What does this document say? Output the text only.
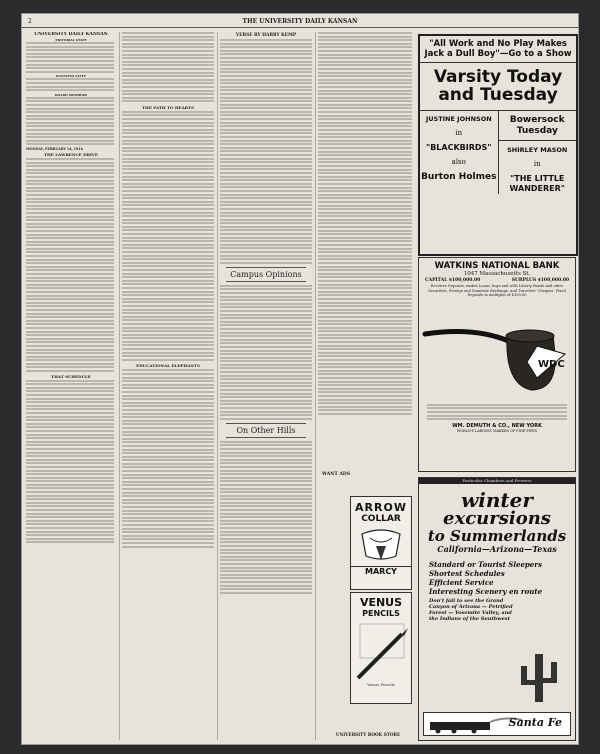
2	THE UNIVERSITY DAILY KANSAN
UNIVERSITY DAILY KANSAN
EDITORIAL STAFF
BUSINESS STAFF
BOARD MEMBERS
MONDAY, FEBRUARY 14, 1916
THE LAWRENCE DRIVE
THAT SCHEDULE
THE PATH TO HEARTS
EDUCATIONAL ELEPHANTS
VERSE BY HARRY KEMP
Campus Opinions
On Other Hills
ARROW
COLLAR
MARCY
VENUS
PENCILS
Venus Pencils
UNIVERSITY BOOK STORE
WANT ADS
"All Work and No Play Makes Jack a Dull Boy"—Go to a Show
Varsity Today and Tuesday
JUSTINE JOHNSON
in
"BLACKBIRDS"
also
Burton Holmes
Bowersock Tuesday
SHIRLEY MASON
in
"THE LITTLE WANDERER"
WATKINS NATIONAL BANK
1047 Massachusetts St.
CAPITAL $100,000.00	SURPLUS $100,000.00
Receives Deposits, makes Loans, buys and sells Liberty Bonds and other Securities, Foreign and Domestic Exchange, and Travelers' Cheques. Fixed Deposits in multiples of $100.00
WDC
WM. DEMUTH & CO., NEW YORK
WORLD'S LARGEST MAKERS OF FINE PIPES
Particular Chambers and Prowess
winter
excursions
to Summerlands
California—Arizona—Texas
Standard or Tourist Sleepers
Shortest Schedules
Efficient Service
Interesting Scenery en route
Don't fail to see the Grand Canyon of Arizona — Petrified Forest — Yosemite Valley, and the Indians of the Southwest
Santa Fe
